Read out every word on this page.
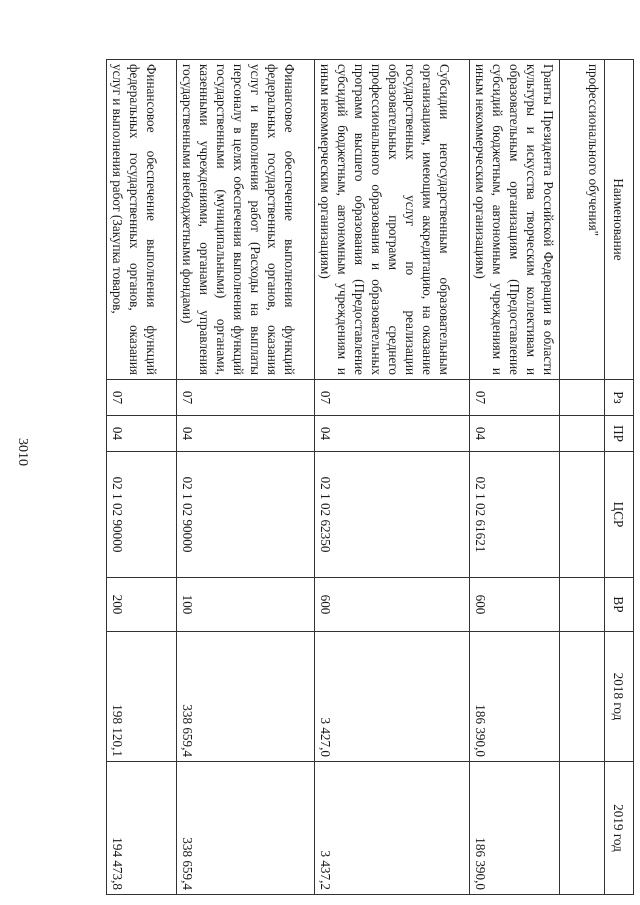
3010
Наименование	Рз	ПР	ЦСР	ВР	2018 год	2019 год
профессионального обучения"						
Гранты Президента Российской Федерации в области культуры и искусства творческим коллективам и образовательным организациям (Предоставление субсидий бюджетным, автономным учреждениям и иным некоммерческим организациям)	07	04	02 1 02 61621	600	186 390,0	186 390,0
Субсидии негосударственным образовательным организациям, имеющим аккредитацию, на оказание государственных услуг по реализации образовательных программ среднего профессионального образования и образовательных программ высшего образования (Предоставление субсидий бюджетным, автономным учреждениям и иным некоммерческим организациям)	07	04	02 1 02 62350	600	3 427,0	3 437,2
Финансовое обеспечение выполнения функций федеральных государственных органов, оказания услуг и выполнения работ (Расходы на выплаты персоналу в целях обеспечения выполнения функций государственными (муниципальными) органами, казенными учреждениями, органами управления государственными внебюджетными фондами)	07	04	02 1 02 90000	100	338 659,4	338 659,4
Финансовое обеспечение выполнения функций федеральных государственных органов, оказания услуг и выполнения работ (Закупка товаров,	07	04	02 1 02 90000	200	198 120,1	194 473,8
